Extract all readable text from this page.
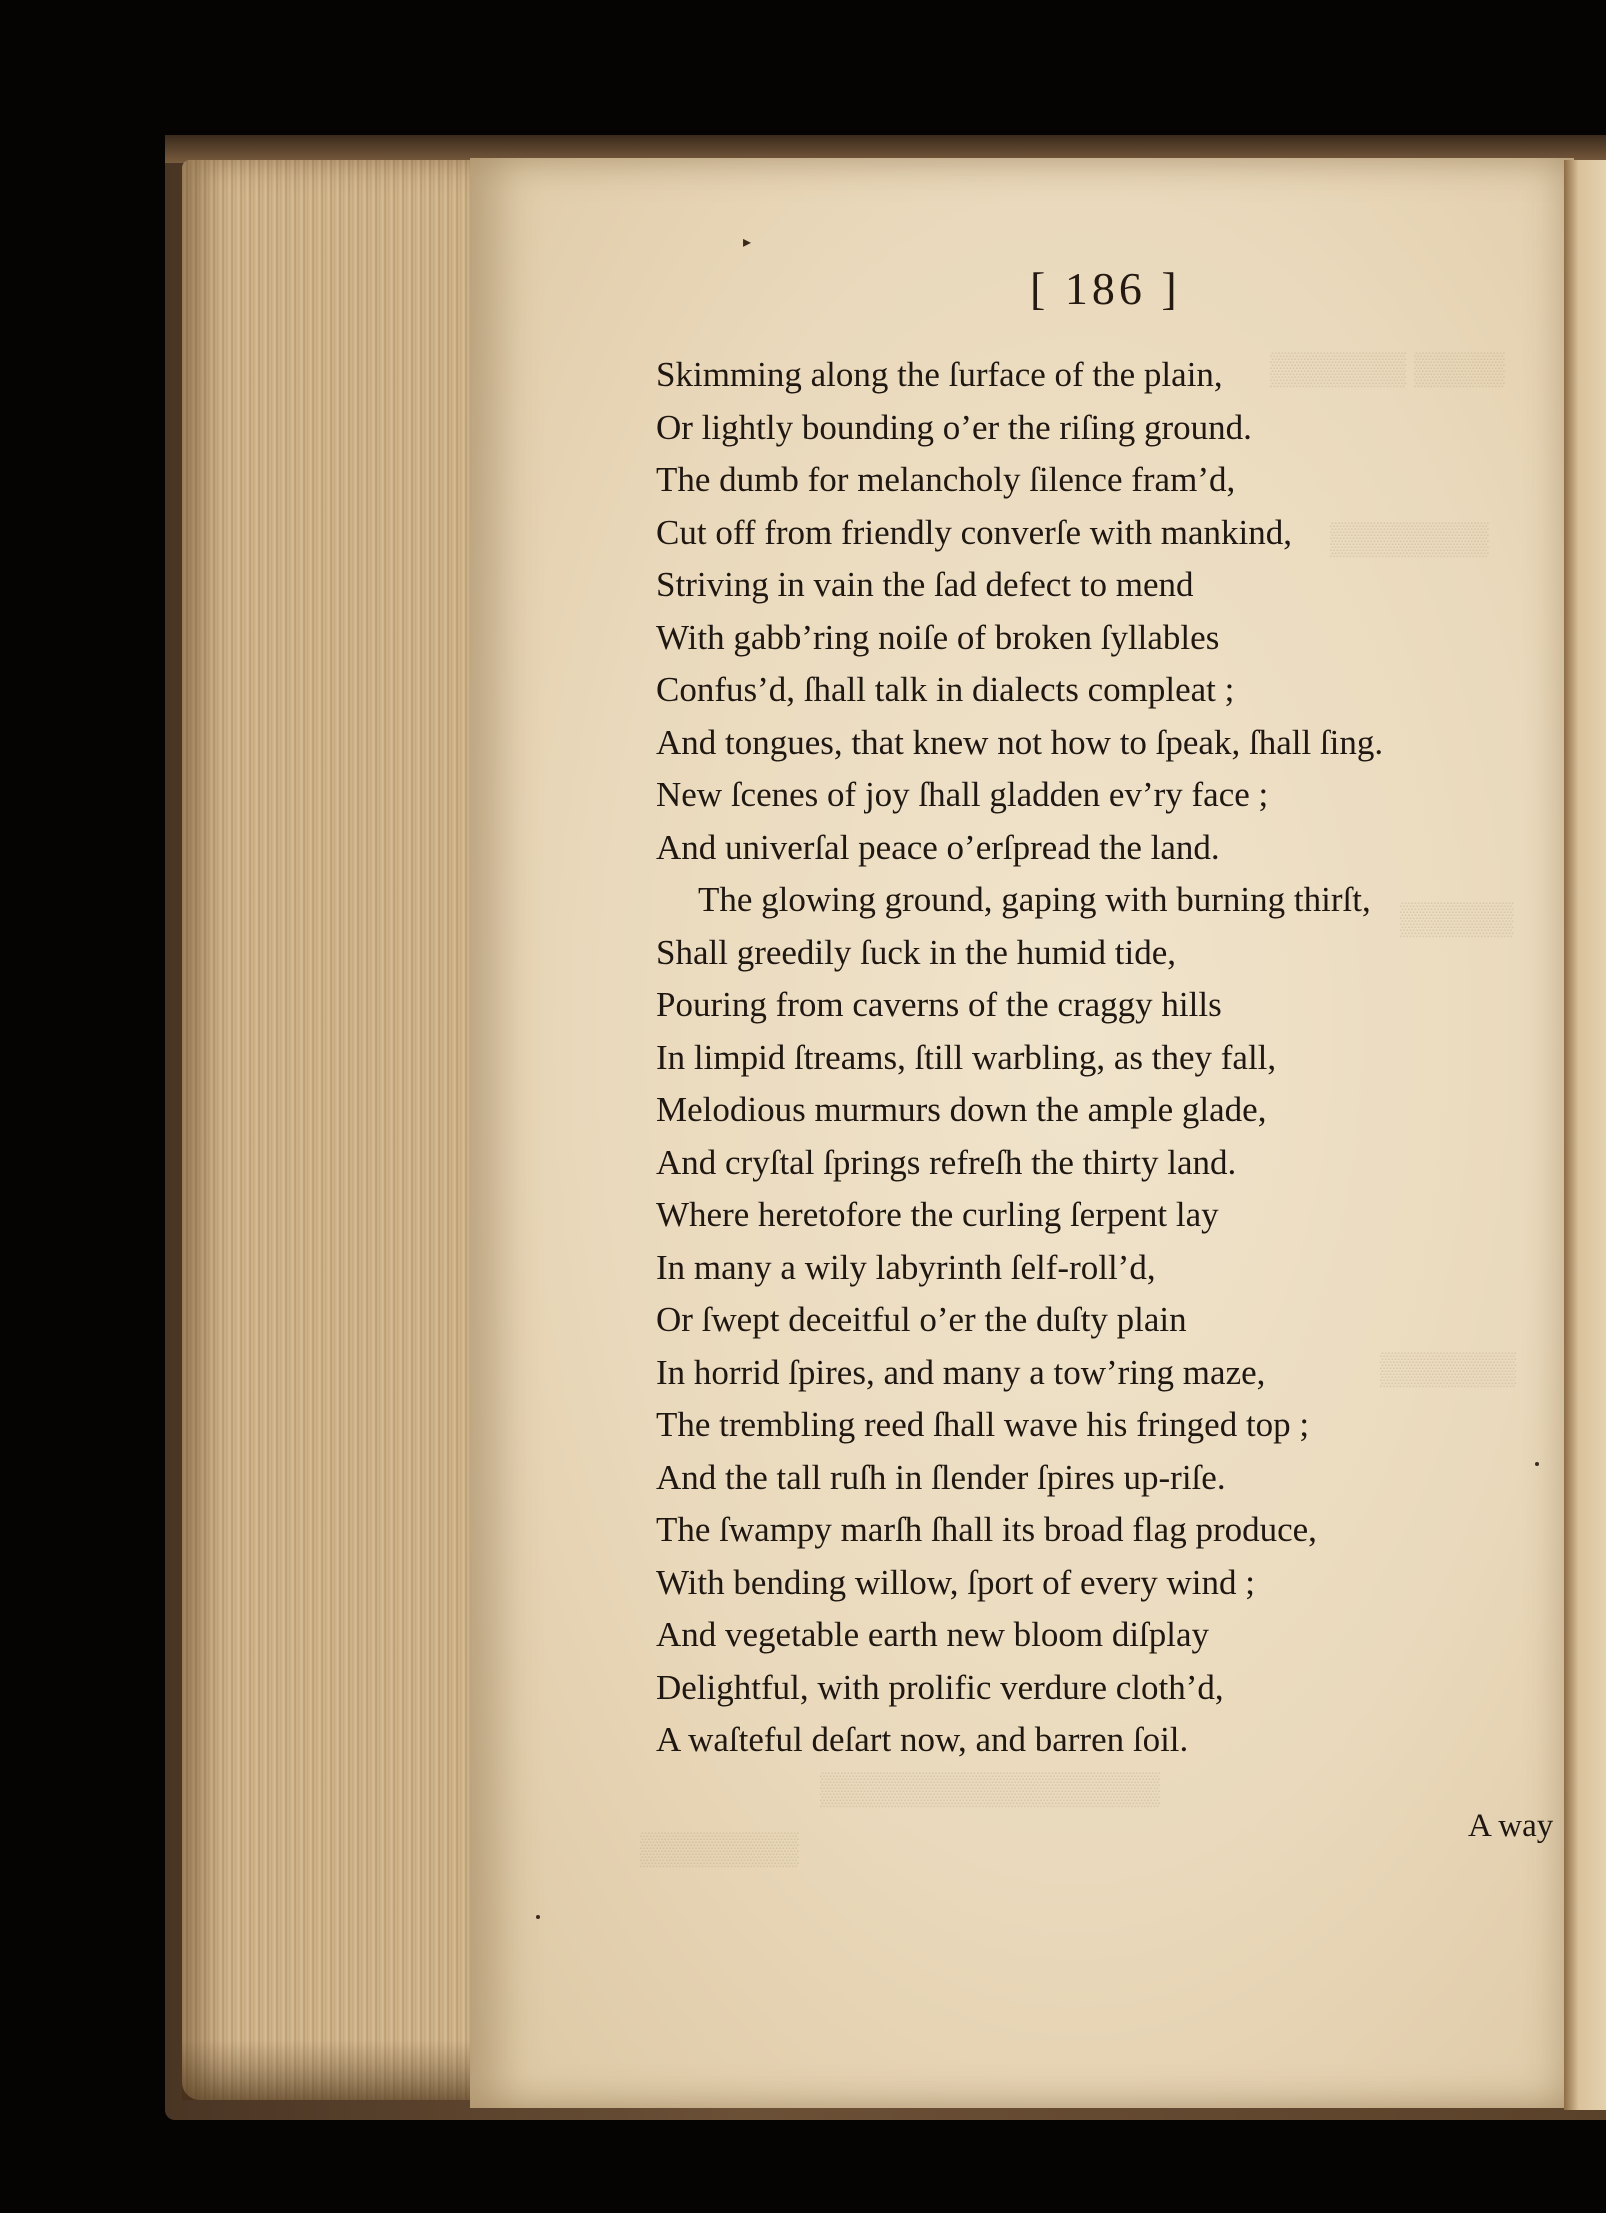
▒▒▒▒▒▒ ▒▒▒▒
▒▒▒▒▒▒▒
▒▒▒▒▒
▒▒▒▒▒▒
▒▒▒▒▒▒▒▒▒▒▒▒▒▒▒
▒▒▒▒▒▒▒
▸
[ 186 ]
Skimming along the ſurface of the plain,
Or lightly bounding o’er the riſing ground.
The dumb for melancholy ſilence fram’d,
Cut off from friendly converſe with mankind,
Striving in vain the ſad defect to mend
With gabb’ring noiſe of broken ſyllables
Confus’d, ſhall talk in dialects compleat ;
And tongues, that knew not how to ſpeak, ſhall ſing.
New ſcenes of joy ſhall gladden ev’ry face ;
And univerſal peace o’erſpread the land.
The glowing ground, gaping with burning thirſt,
Shall greedily ſuck in the humid tide,
Pouring from caverns of the craggy hills
In limpid ſtreams, ſtill warbling, as they fall,
Melodious murmurs down the ample glade,
And cryſtal ſprings refreſh the thirty land.
Where heretofore the curling ſerpent lay
In many a wily labyrinth ſelf-roll’d,
Or ſwept deceitful o’er the duſty plain
In horrid ſpires, and many a tow’ring maze,
The trembling reed ſhall wave his fringed top ;
And the tall ruſh in ſlender ſpires up-riſe.
The ſwampy marſh ſhall its broad flag produce,
With bending willow, ſport of every wind ;
And vegetable earth new bloom diſplay
Delightful, with prolific verdure cloth’d,
A waſteful deſart now, and barren ſoil.
A way
